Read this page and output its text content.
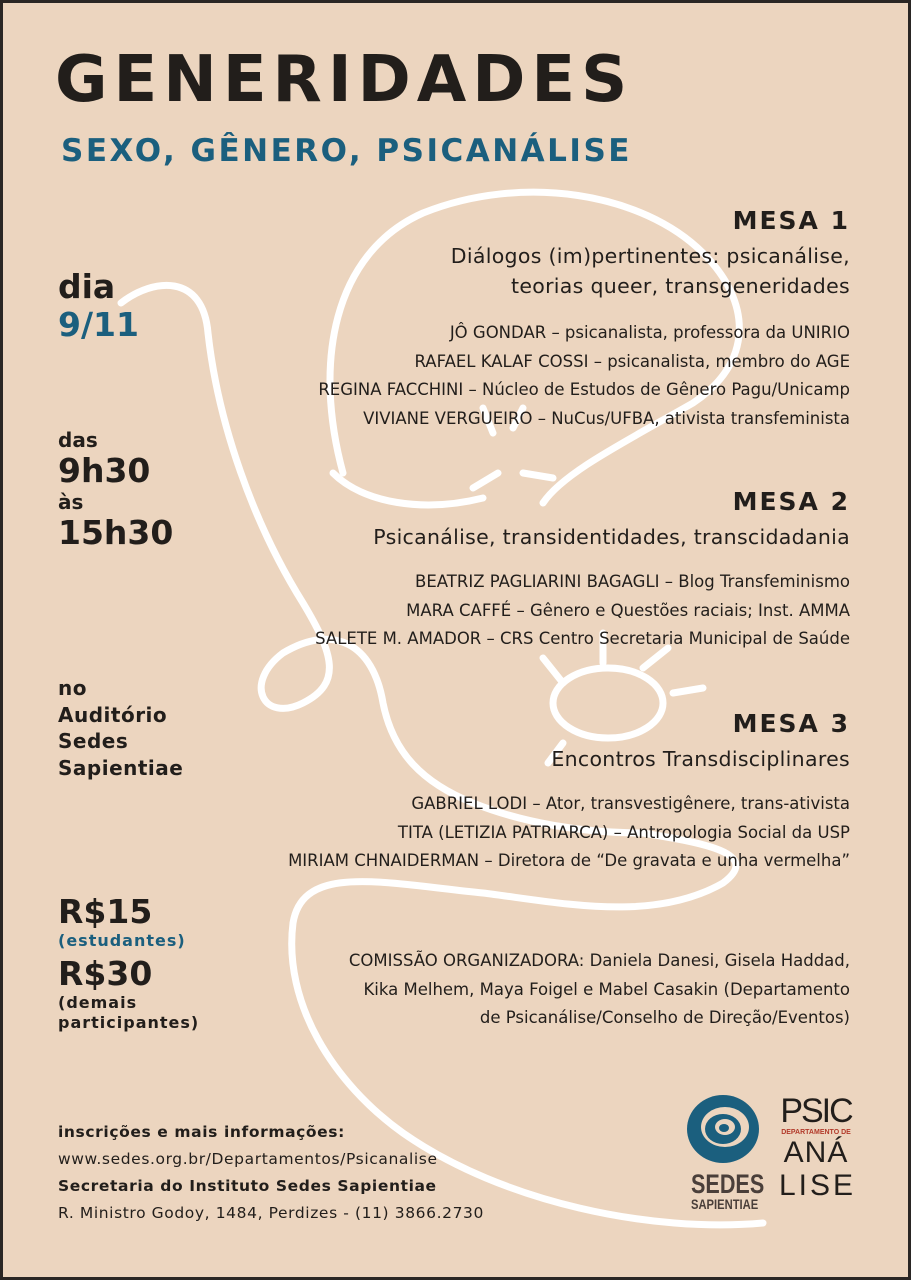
GENERIDADES
SEXO, GÊNERO, PSICANÁLISE
dia
9/11
das
9h30
às
15h30
no
Auditório
Sedes
Sapientiae
R$15
(estudantes)
R$30
(demais
participantes)
MESA 1
Diálogos (im)pertinentes: psicanálise,
teorias queer, transgeneridades
JÔ GONDAR – psicanalista, professora da UNIRIO
RAFAEL KALAF COSSI – psicanalista, membro do AGE
REGINA FACCHINI – Núcleo de Estudos de Gênero Pagu/Unicamp
VIVIANE VERGUEIRO – NuCus/UFBA, ativista transfeminista
MESA 2
Psicanálise, transidentidades, transcidadania
BEATRIZ PAGLIARINI BAGAGLI – Blog Transfeminismo
MARA CAFFÉ – Gênero e Questões raciais; Inst. AMMA
SALETE M. AMADOR – CRS Centro Secretaria Municipal de Saúde
MESA 3
Encontros Transdisciplinares
GABRIEL LODI – Ator, transvestigênere, trans-ativista
TITA (LETIZIA PATRIARCA) – Antropologia Social da USP
MIRIAM CHNAIDERMAN – Diretora de “De gravata e unha vermelha”
COMISSÃO ORGANIZADORA: Daniela Danesi, Gisela Haddad,
Kika Melhem, Maya Foigel e Mabel Casakin (Departamento
de Psicanálise/Conselho de Direção/Eventos)
inscrições e mais informações:
www.sedes.org.br/Departamentos/Psicanalise
Secretaria do Instituto Sedes Sapientiae
R. Ministro Godoy, 1484, Perdizes - (11) 3866.2730
SEDES
SAPIENTIAE
PSIC
DEPARTAMENTO DE
ANÁ
LISE
